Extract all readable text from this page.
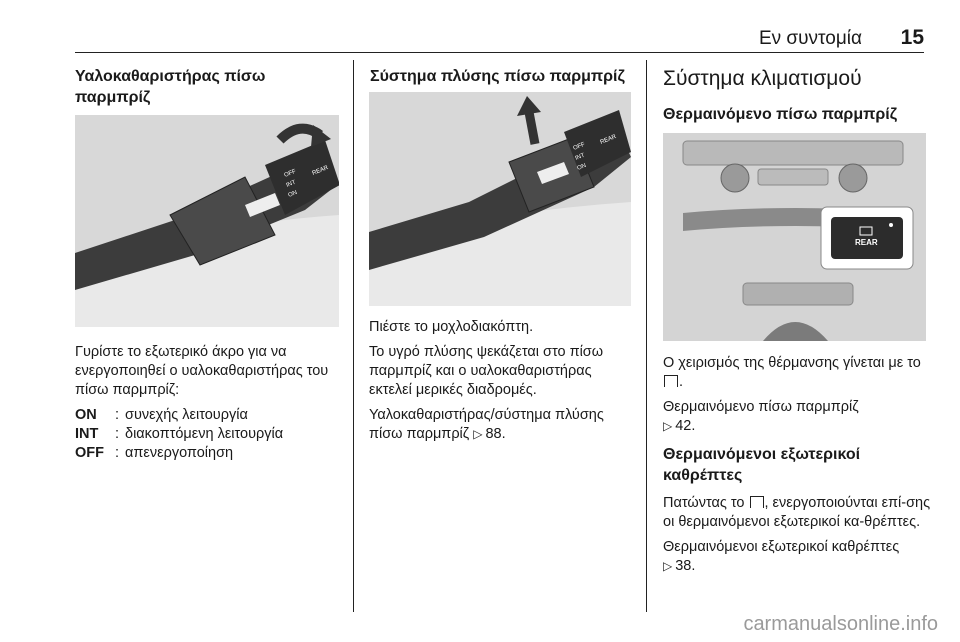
Εν συντομία 15
Υαλοκαθαριστήρας πίσω παρμπρίζ
OFF
INT
ON
REAR

Γυρίστε το εξωτερικό άκρο για να ενεργοποιηθεί ο υαλοκαθαριστήρας του πίσω παρμπρίζ:

ON	: συνεχής λειτουργία
INT	: διακοπτόμενη λειτουργία
OFF : απενεργοποίηση
Σύστημα πλύσης πίσω παρμπρίζ
OFF
INT
ON
REAR

Πιέστε το μοχλοδιακόπτη.

Το υγρό πλύσης ψεκάζεται στο πίσω παρμπρίζ και ο υαλοκαθαριστήρας εκτελεί μερικές διαδρομές.

Υαλοκαθαριστήρας/σύστημα πλύσης πίσω παρμπρίζ ▷ 88.

Σύστημα κλιματισμού
Θερμαινόμενο πίσω παρμπρίζ
REAR

Ο χειρισμός της θέρμανσης γίνεται με το .

Θερμαινόμενο πίσω παρμπρίζ
▷ 42.

Θερμαινόμενοι εξωτερικοί καθρέπτες

Πατώντας το , ενεργοποιούνται επί-σης οι θερμαινόμενοι εξωτερικοί κα-θρέπτες.

Θερμαινόμενοι εξωτερικοί καθρέπτες
▷ 38.

carmanualsonline.info
